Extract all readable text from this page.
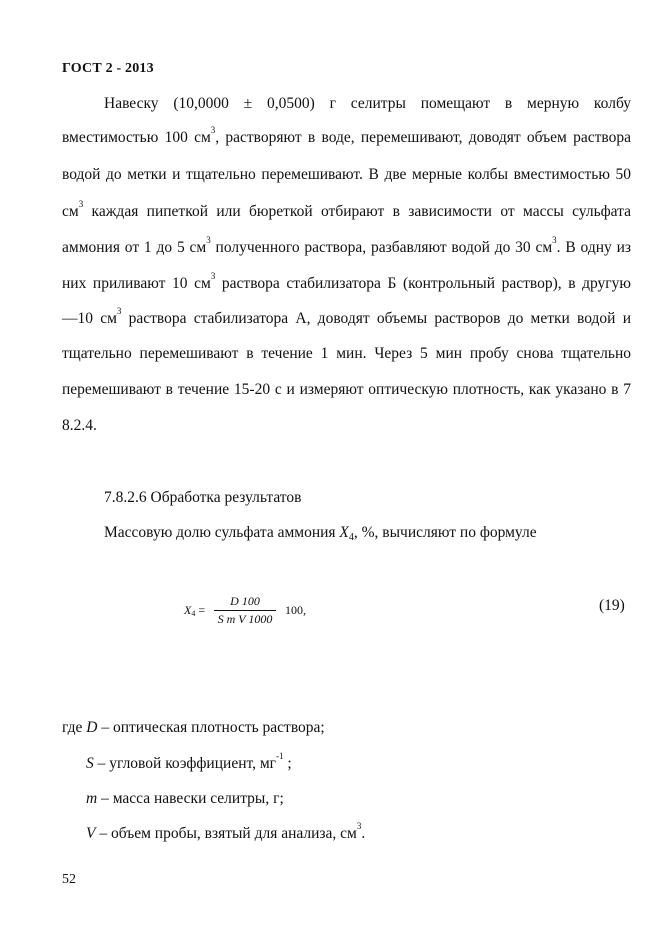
ГОСТ 2 - 2013
Навеску (10,0000 ± 0,0500) г селитры помещают в мерную колбу
вместимостью 100 $см^3$, растворяют в воде, перемешивают, доводят объем раствора
водой до метки и тщательно перемешивают. В две мерные колбы вместимостью 50
$см^3$ каждая пипеткой или бюреткой отбирают в зависимости от массы сульфата
аммония от 1 до 5 $см^3$ полученного раствора, разбавляют водой до 30 $см^3$. В одну из
них приливают 10 $см^3$ раствора стабилизатора Б (контрольный раствор), в другую
—10 $см^3$ раствора стабилизатора А, доводят объемы растворов до метки водой и
тщательно перемешивают в течение 1 мин. Через 5 мин пробу снова тщательно
перемешивают в течение 15-20 с и измеряют оптическую плотность, как указано в 7
8.2.4.
7.8.2.6 Обработка результатов
Массовую долю сульфата аммония $X_4$, %, вычисляют по формуле
$X_4 = \frac{D 100}{\text{S m V 1000}} 100$,	(19)
где D – оптическая плотность раствора;
S – угловой коэффициент, $мг^{-1}$ ;
m – масса навески селитры, г;
V – объем пробы, взятый для анализа, $см^3$.
52
